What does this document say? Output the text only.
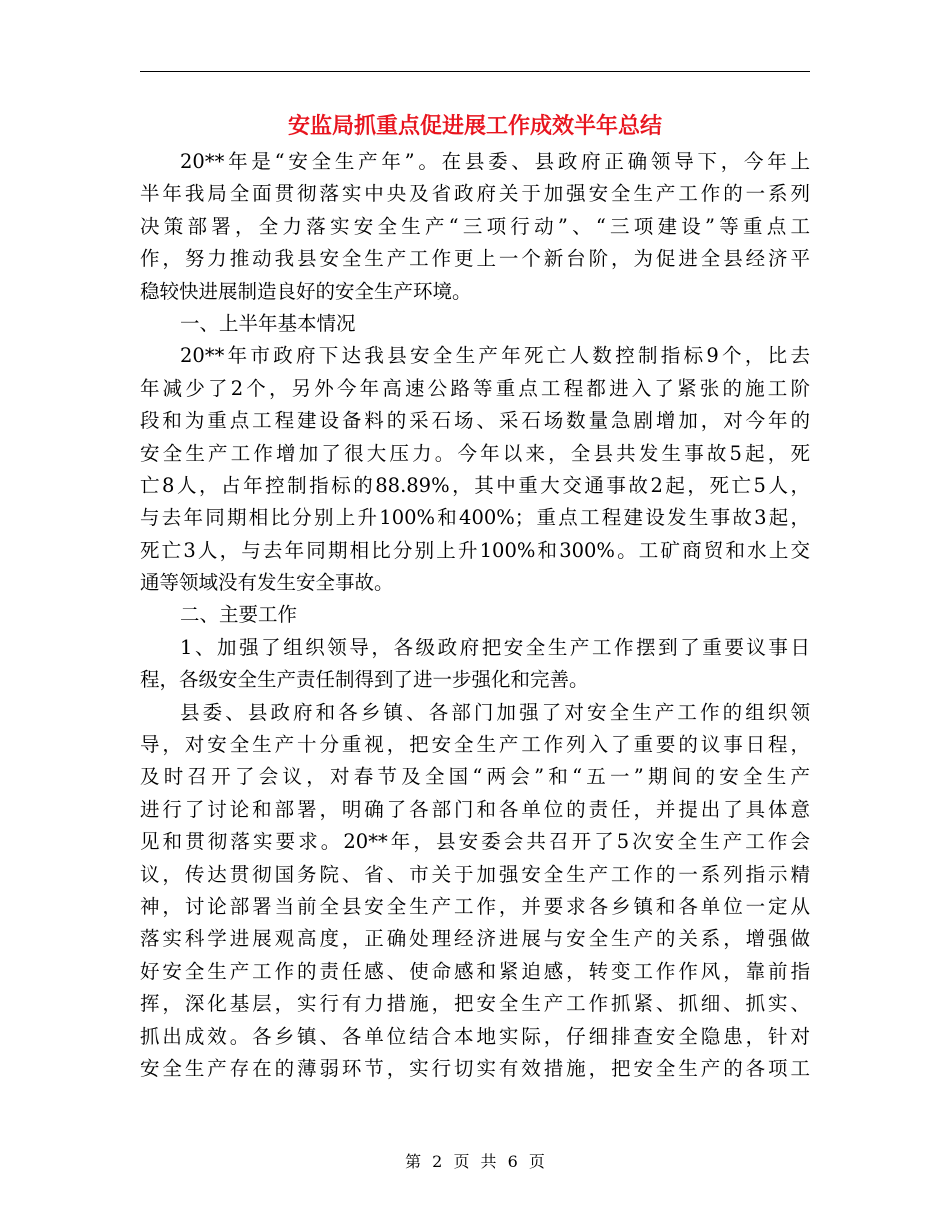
安监局抓重点促进展工作成效半年总结
20**年是“安全生产年”。在县委、县政府正确领导下，今年上
半年我局全面贯彻落实中央及省政府关于加强安全生产工作的一系列
决策部署，全力落实安全生产“三项行动”、“三项建设”等重点工
作，努力推动我县安全生产工作更上一个新台阶，为促进全县经济平
稳较快进展制造良好的安全生产环境。
一、上半年基本情况
20**年市政府下达我县安全生产年死亡人数控制指标9个，比去
年减少了2个，另外今年高速公路等重点工程都进入了紧张的施工阶
段和为重点工程建设备料的采石场、采石场数量急剧增加，对今年的
安全生产工作增加了很大压力。今年以来，全县共发生事故5起，死
亡8人，占年控制指标的88.89%，其中重大交通事故2起，死亡5人，
与去年同期相比分别上升100%和400%；重点工程建设发生事故3起，
死亡3人，与去年同期相比分别上升100%和300%。工矿商贸和水上交
通等领域没有发生安全事故。
二、主要工作
1、加强了组织领导，各级政府把安全生产工作摆到了重要议事日
程，各级安全生产责任制得到了进一步强化和完善。
县委、县政府和各乡镇、各部门加强了对安全生产工作的组织领
导，对安全生产十分重视，把安全生产工作列入了重要的议事日程，
及时召开了会议，对春节及全国“两会”和“五一”期间的安全生产
进行了讨论和部署，明确了各部门和各单位的责任，并提出了具体意
见和贯彻落实要求。20**年，县安委会共召开了5次安全生产工作会
议，传达贯彻国务院、省、市关于加强安全生产工作的一系列指示精
神，讨论部署当前全县安全生产工作，并要求各乡镇和各单位一定从
落实科学进展观高度，正确处理经济进展与安全生产的关系，增强做
好安全生产工作的责任感、使命感和紧迫感，转变工作作风，靠前指
挥，深化基层，实行有力措施，把安全生产工作抓紧、抓细、抓实、
抓出成效。各乡镇、各单位结合本地实际，仔细排查安全隐患，针对
安全生产存在的薄弱环节，实行切实有效措施，把安全生产的各项工
第 2 页 共 6 页
